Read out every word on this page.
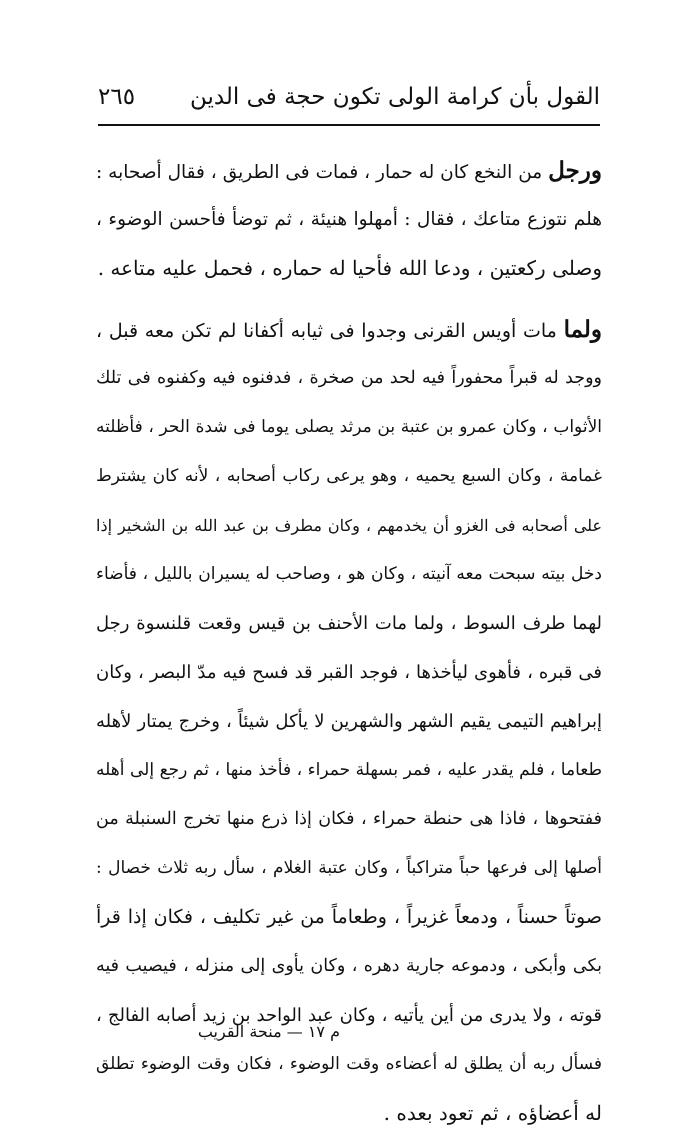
القول بأن كرامة الولى تكون حجة فى الدين
٢٦٥
ورجل من النخع كان له حمار ، فمات فى الطريق ، فقال أصحابه :
هلم نتوزع متاعك ، فقال : أمهلوا هنيئة ، ثم توضأ فأحسن الوضوء ،
وصلى ركعتين ، ودعا الله فأحيا له حماره ، فحمل عليه متاعه .
ولما مات أويس القرنى وجدوا فى ثيابه أكفانا لم تكن معه قبل ،
ووجد له قبراً محفوراً فيه لحد من صخرة ، فدفنوه فيه وكفنوه فى تلك
الأثواب ، وكان عمرو بن عتبة بن مرثد يصلى يوما فى شدة الحر ، فأظلته
غمامة ، وكان السبع يحميه ، وهو يرعى ركاب أصحابه ، لأنه كان يشترط
على أصحابه فى الغزو أن يخدمهم ، وكان مطرف بن عبد الله بن الشخير إذا
دخل بيته سبحت معه آنيته ، وكان هو ، وصاحب له يسيران بالليل ، فأضاء
لهما طرف السوط ، ولما مات الأحنف بن قيس وقعت قلنسوة رجل
فى قبره ، فأهوى ليأخذها ، فوجد القبر قد فسح فيه مدّ البصر ، وكان
إبراهيم التيمى يقيم الشهر والشهرين لا يأكل شيئاً ، وخرج يمتار لأهله
طعاما ، فلم يقدر عليه ، فمر بسهلة حمراء ، فأخذ منها ، ثم رجع إلى أهله
ففتحوها ، فاذا هى حنطة حمراء ، فكان إذا ذرع منها تخرج السنبلة من
أصلها إلى فرعها حباً متراكباً ، وكان عتبة الغلام ، سأل ربه ثلاث خصال :
صوتاً حسناً ، ودمعاً غزيراً ، وطعاماً من غير تكليف ، فكان إذا قرأ
بكى وأبكى ، ودموعه جارية دهره ، وكان يأوى إلى منزله ، فيصيب فيه
قوته ، ولا يدرى من أين يأتيه ، وكان عبد الواحد بن زيد أصابه الفالج ،
فسأل ربه أن يطلق له أعضاءه وقت الوضوء ، فكان وقت الوضوء تطلق
له أعضاؤه ، ثم تعود بعده .
م ١٧ — منحة القريب
